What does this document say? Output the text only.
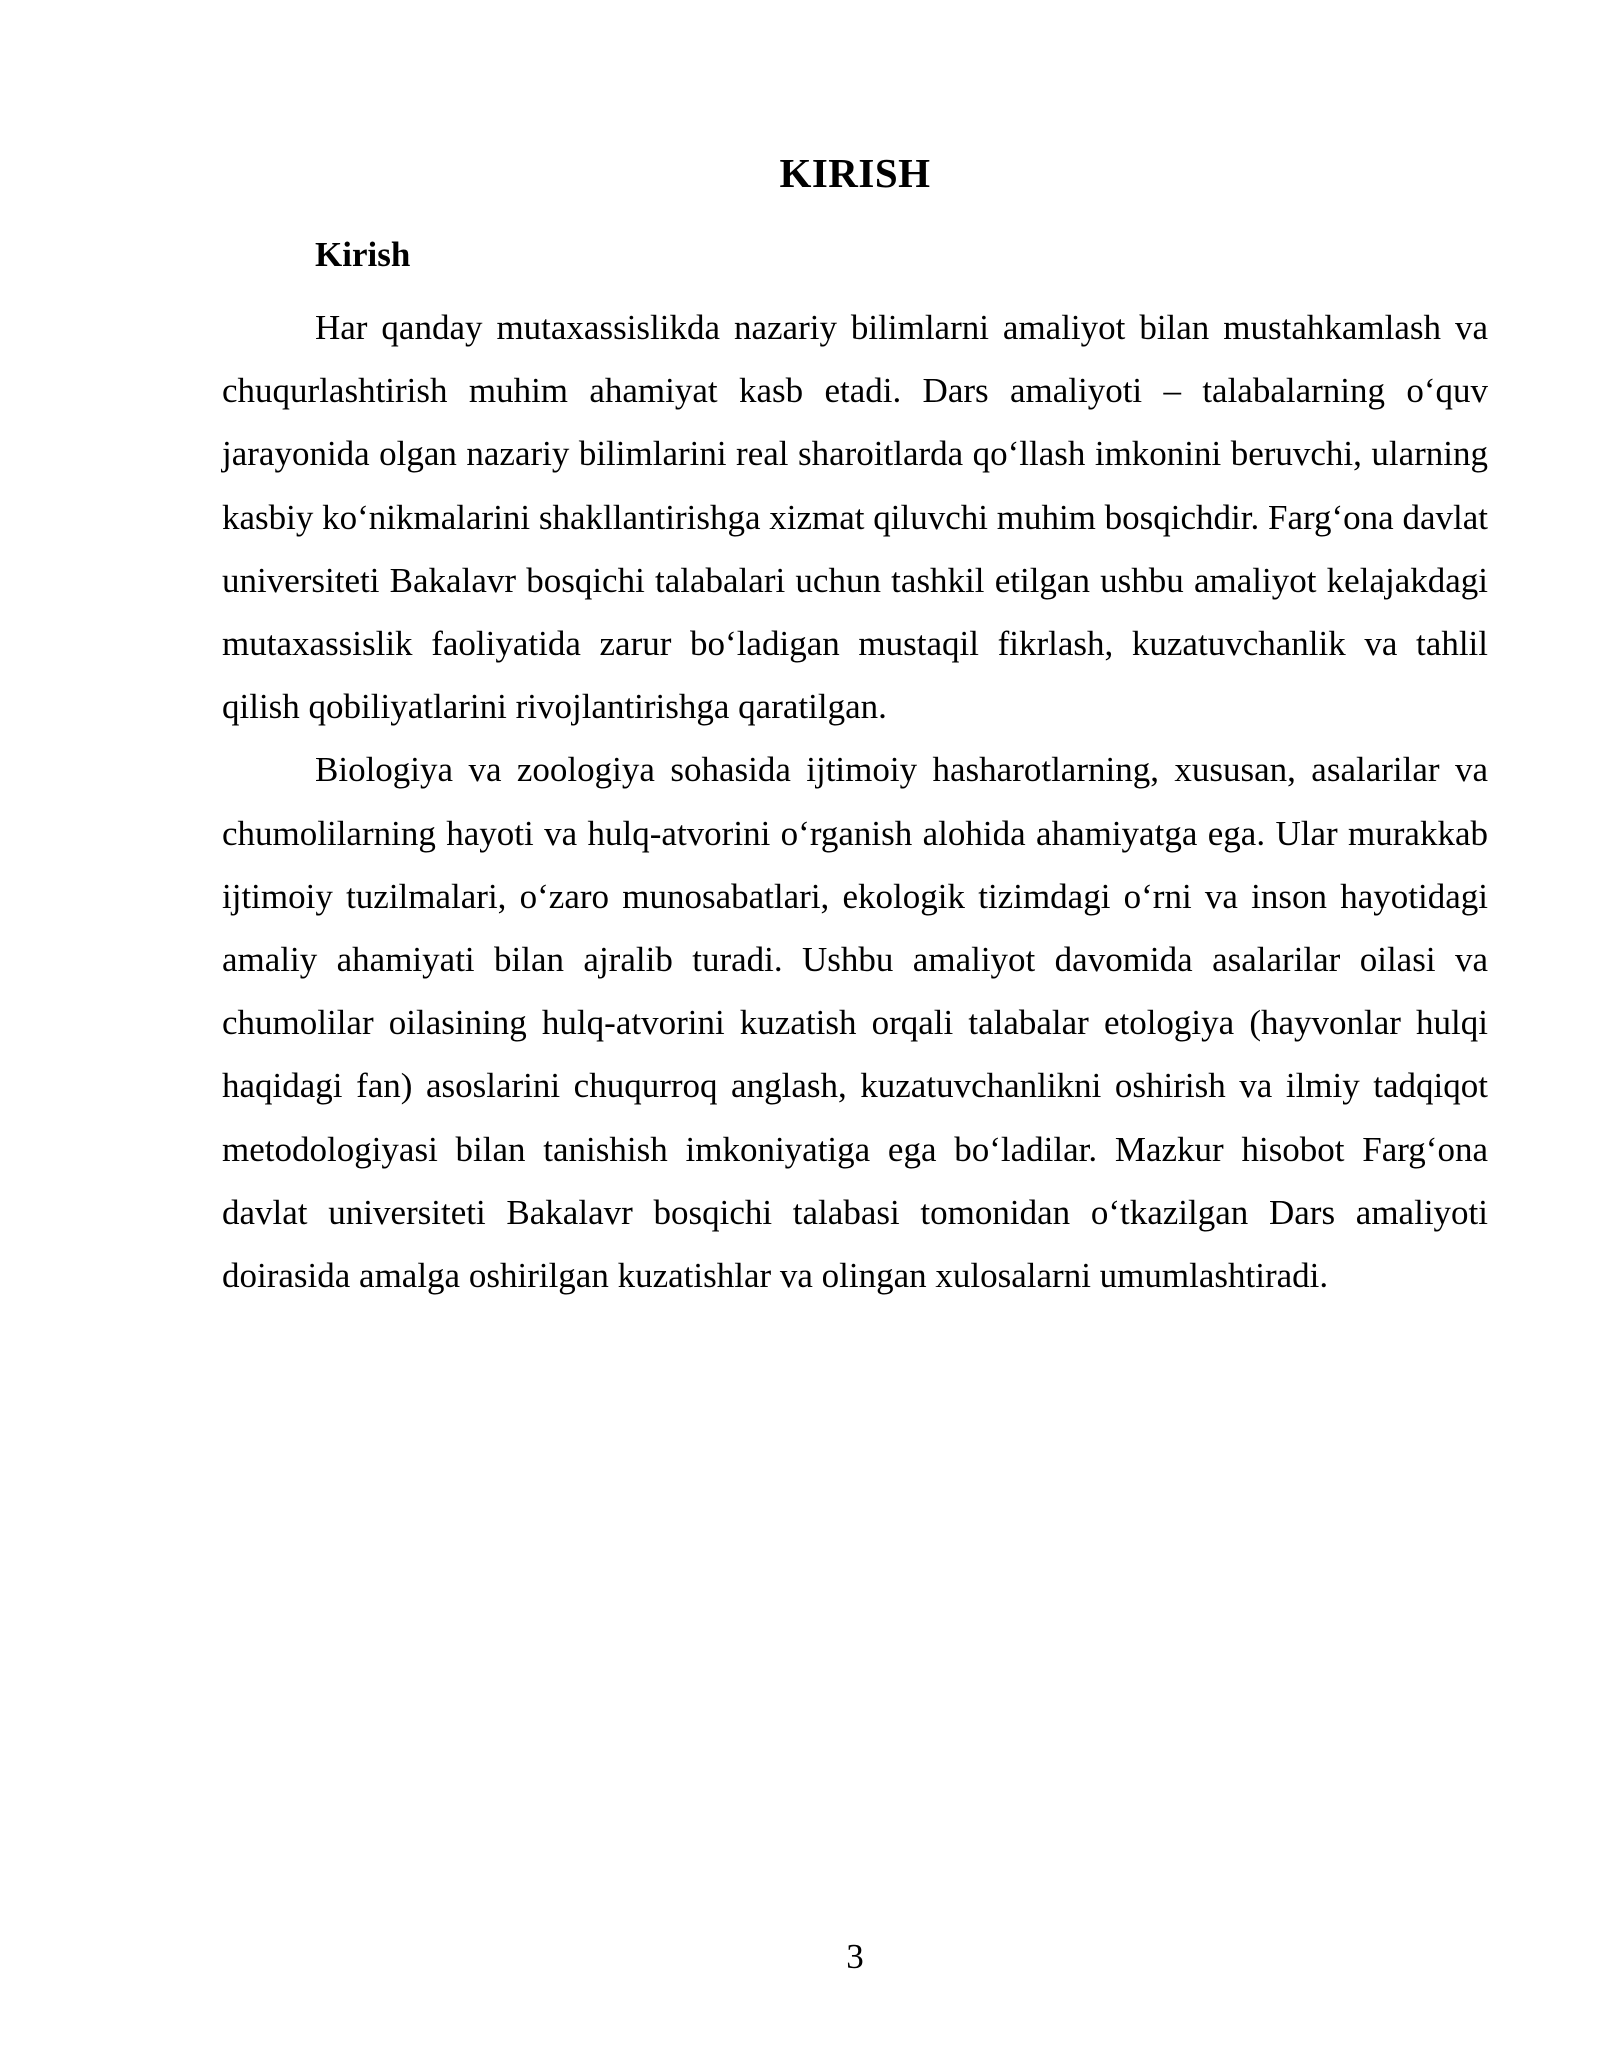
KIRISH
Kirish

Har qanday mutaxassislikda nazariy bilimlarni amaliyot bilan mustahkamlash va chuqurlashtirish muhim ahamiyat kasb etadi. Dars amaliyoti – talabalarning o‘quv jarayonida olgan nazariy bilimlarini real sharoitlarda qo‘llash imkonini beruvchi, ularning kasbiy ko‘nikmalarini shakllantirishga xizmat qiluvchi muhim bosqichdir. Farg‘ona davlat universiteti Bakalavr bosqichi talabalari uchun tashkil etilgan ushbu amaliyot kelajakdagi mutaxassislik faoliyatida zarur bo‘ladigan mustaqil fikrlash, kuzatuvchanlik va tahlil qilish qobiliyatlarini rivojlantirishga qaratilgan.

Biologiya va zoologiya sohasida ijtimoiy hasharotlarning, xususan, asalarilar va chumolilarning hayoti va hulq-atvorini o‘rganish alohida ahamiyatga ega. Ular murakkab ijtimoiy tuzilmalari, o‘zaro munosabatlari, ekologik tizimdagi o‘rni va inson hayotidagi amaliy ahamiyati bilan ajralib turadi. Ushbu amaliyot davomida asalarilar oilasi va chumolilar oilasining hulq-atvorini kuzatish orqali talabalar etologiya (hayvonlar hulqi haqidagi fan) asoslarini chuqurroq anglash, kuzatuvchanlikni oshirish va ilmiy tadqiqot metodologiyasi bilan tanishish imkoniyatiga ega bo‘ladilar. Mazkur hisobot Farg‘ona davlat universiteti Bakalavr bosqichi talabasi tomonidan o‘tkazilgan Dars amaliyoti doirasida amalga oshirilgan kuzatishlar va olingan xulosalarni umumlashtiradi.

3
